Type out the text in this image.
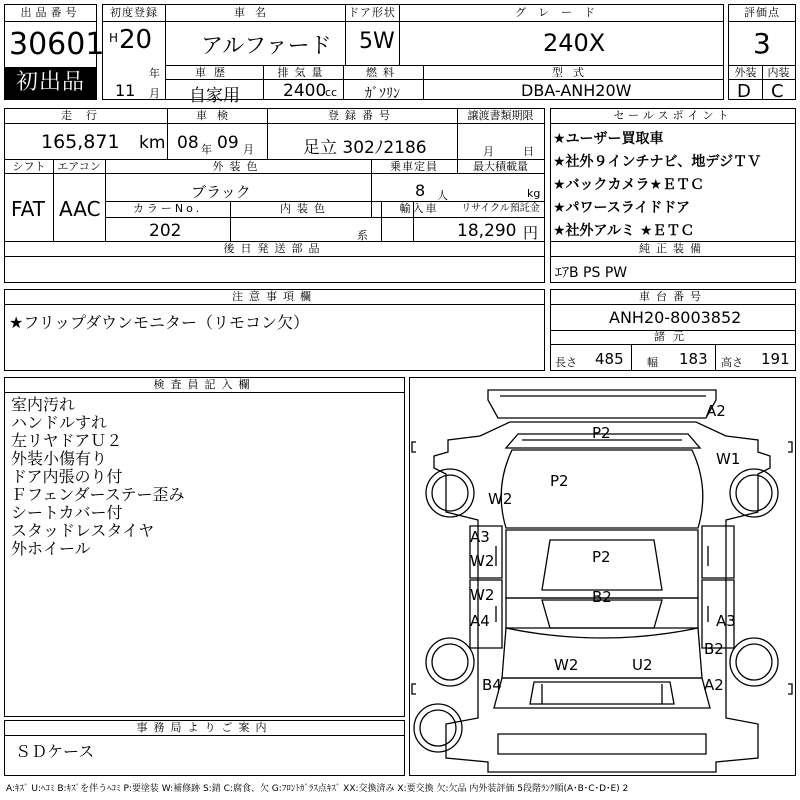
出品番号
30601
初出品
初度登録
H 20
年
11 月
車名
アルファード
ドア形状
5W
グレード
240X
車歴
自家用
排気量
2400
cc
燃料
ｶﾞｿﾘﾝ
型式
DBA-ANH20W
評価点
3
外装	内装
D C
走行
165,871 km
車検
08 年 09 月
登録番号
足立 302ﾉ2186
譲渡書類期限
月	日
シフト
FAT
エアコン
AAC
外装色
ブラック
乗車定員
8 人
最大積載量
kg
カラーNo.
202
内装色
系
輸入車	リサイクル預託金
18,290 円
後日発送部品
セールスポイント
★ユーザー買取車
★社外９インチナビ、地デジＴＶ
★バックカメラ★ＥＴＣ
★パワースライドドア
★社外アルミ ★ＥＴＣ
純正装備
ｴｱB PS PW
注意事項欄
★フリップダウンモニター（リモコン欠）
車台番号
ANH20-8003852
諸元
長さ 485 幅 183 高さ 191
検査員記入欄
室内汚れ
ハンドルすれ
左リヤドアＵ２
外装小傷有り
ドア内張のり付
Ｆフェンダーステー歪み
シートカバー付
スタッドレスタイヤ
外ホイール
事務局よりご案内
ＳＤケース
A2
P2
W1
P2
W2
A3
W2	P2
W2	B2
A4	A3
B2
W2	U2
B4	A2
A:ｷｽﾞ U:ﾍｺﾐ B:ｷｽﾞを伴うﾍｺﾐ P:要塗装 W:補修跡 S:錆 C:腐食、欠 G:ﾌﾛﾝﾄｶﾞﾗｽ点ｷｽﾞ XX:交換済み X:要交換 欠:欠品 内外装評価 5段階ﾗﾝｸ順(A･B･C･D･E) 2
